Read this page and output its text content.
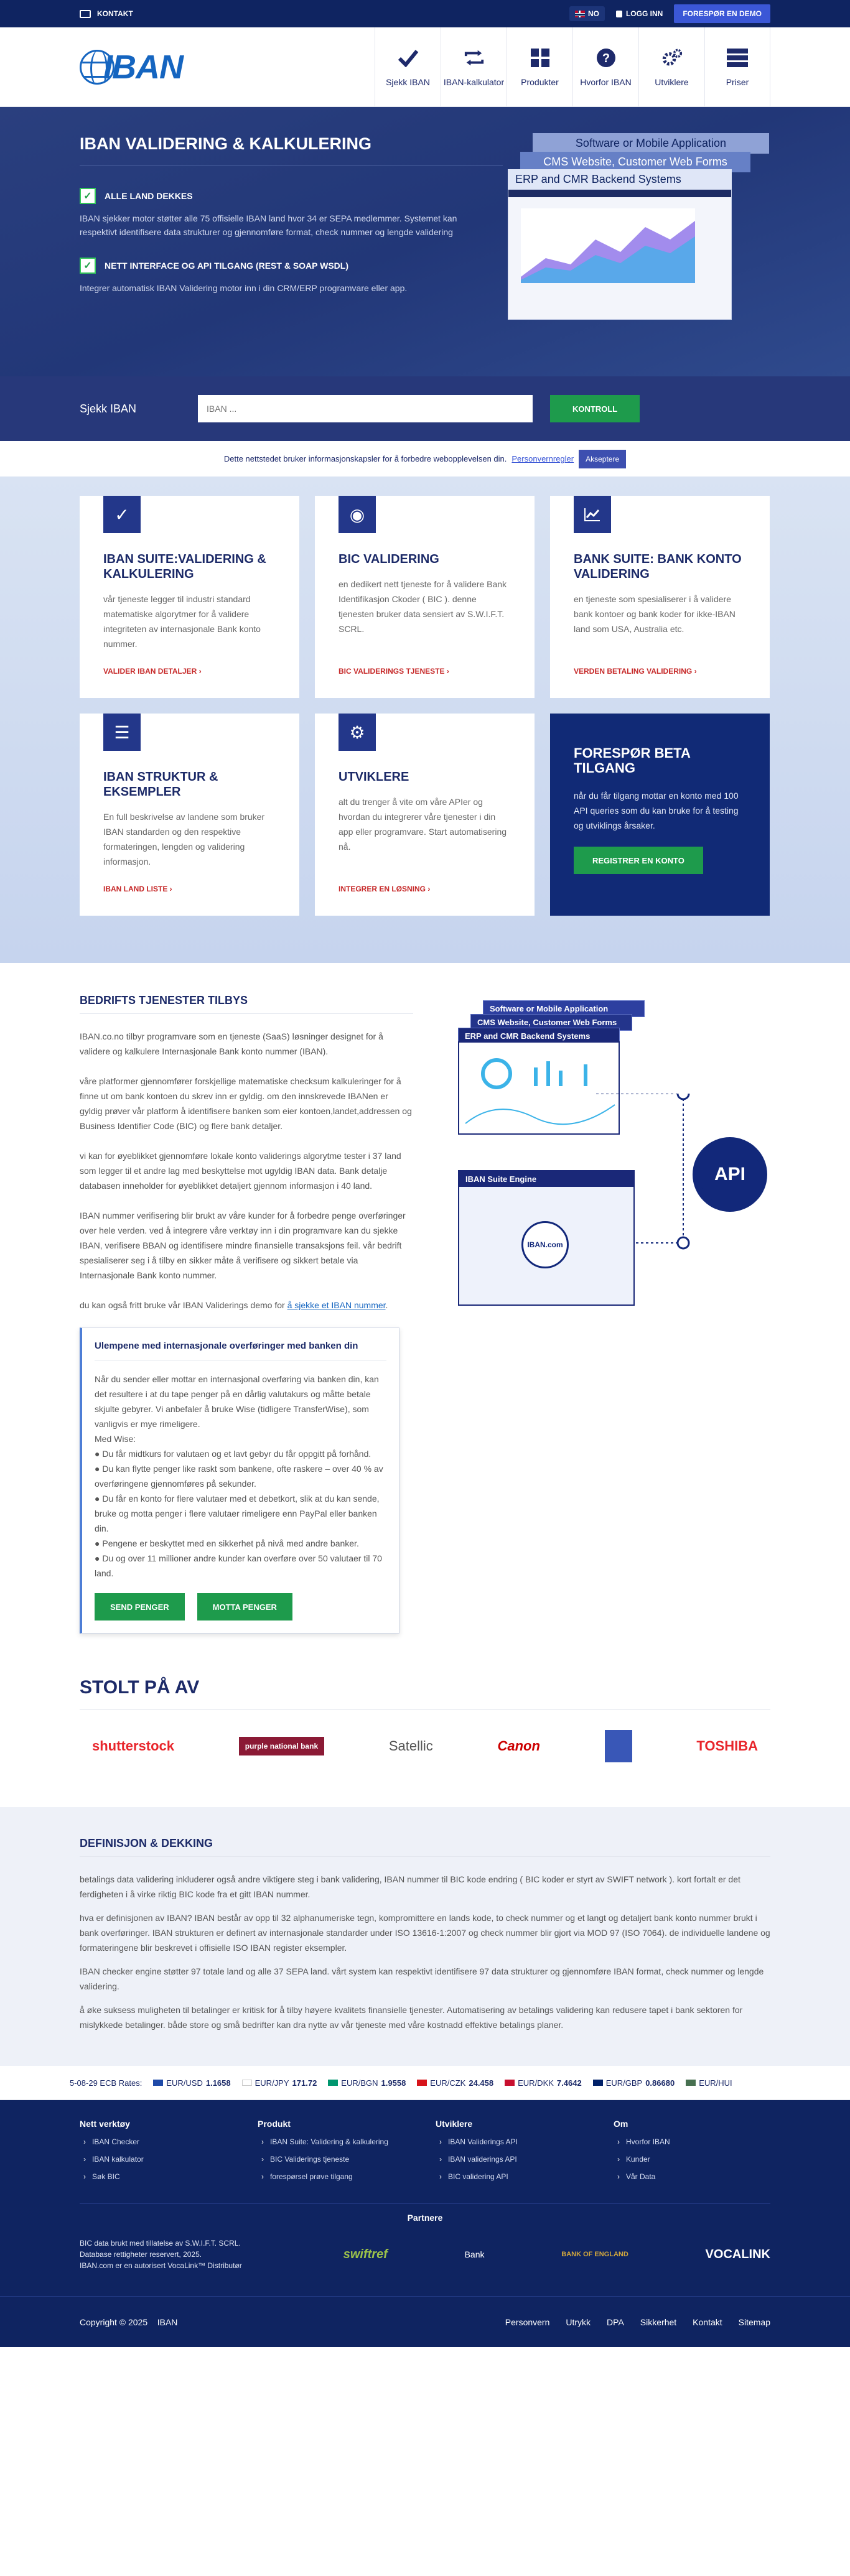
KONTAKT	NO	LOGG INN	FORESPØR EN DEMO
IBAN	Sjekk IBAN IBAN-kalkulator Produkter
?
Hvorfor IBAN	Utviklere	Priser
IBAN VALIDERING & KALKULERING
✓	ALLE LAND DEKKES

IBAN sjekker motor støtter alle 75 offisielle IBAN land hvor 34 er SEPA medlemmer. Systemet kan respektivt identifisere data strukturer og gjennomføre format, check nummer og lengde validering

✓	NETT INTERFACE OG API TILGANG (REST & SOAP WSDL)

Integrer automatisk IBAN Validering motor inn i din CRM/ERP programvare eller app.

Software or Mobile Application
CMS Website, Customer Web Forms
ERP and CMR Backend Systems
Sjekk IBAN
IBAN ...	KONTROLL
Dette nettstedet bruker informasjonskapsler for å forbedre webopplevelsen din. Personvernregler	Akseptere
✓
IBAN SUITE:VALIDERING & KALKULERING

vår tjeneste legger til industri standard matematiske algorytmer for å validere integriteten av internasjonale Bank konto nummer.

VALIDER IBAN DETALJER ›
◉
BIC VALIDERING

en dedikert nett tjeneste for å validere Bank Identifikasjon Ckoder ( BIC ). denne tjenesten bruker data sensiert av S.W.I.F.T. SCRL.

BIC VALIDERINGS TJENESTE ›
BANK SUITE: BANK KONTO VALIDERING

en tjeneste som spesialiserer i å validere bank kontoer og bank koder for ikke-IBAN land som USA, Australia etc.

VERDEN BETALING VALIDERING ›
☰
IBAN STRUKTUR & EKSEMPLER

En full beskrivelse av landene som bruker IBAN standarden og den respektive formateringen, lengden og validering informasjon.

IBAN LAND LISTE ›
⚙
UTVIKLERE

alt du trenger å vite om våre APIer og hvordan du integrerer våre tjenester i din app eller programvare. Start automatisering nå.

INTEGRER EN LØSNING ›
FORESPØR BETA TILGANG

når du får tilgang mottar en konto med 100 API queries som du kan bruke for å testing og utviklings årsaker.

REGISTRER EN KONTO
BEDRIFTS TJENESTER TILBYS

IBAN.co.no tilbyr programvare som en tjeneste (SaaS) løsninger designet for å validere og kalkulere Internasjonale Bank konto nummer (IBAN).

våre platformer gjennomfører forskjellige matematiske checksum kalkuleringer for å finne ut om bank kontoen du skrev inn er gyldig. om den innskrevede IBANen er gyldig prøver vår platform å identifisere banken som eier kontoen,landet,addressen og Business Identifier Code (BIC) og flere bank detaljer.

vi kan for øyeblikket gjennomføre lokale konto validerings algorytme tester i 37 land som legger til et andre lag med beskyttelse mot ugyldig IBAN data. Bank detalje databasen inneholder for øyeblikket detaljert gjennom informasjon i 40 land.

IBAN nummer verifisering blir brukt av våre kunder for å forbedre penge overføringer over hele verden. ved å integrere våre verktøy inn i din programvare kan du sjekke IBAN, verifisere BBAN og identifisere mindre finansielle transaksjons feil. vår bedrift spesialiserer seg i å tilby en sikker måte å verifisere og sikkert betale via Internasjonale Bank konto nummer.

du kan også fritt bruke vår IBAN Validerings demo for å sjekke et IBAN nummer.

Ulempene med internasjonale overføringer med banken din

Når du sender eller mottar en internasjonal overføring via banken din, kan det resultere i at du tape penger på en dårlig valutakurs og måtte betale skjulte gebyrer. Vi anbefaler å bruke Wise (tidligere TransferWise), som vanligvis er mye rimeligere.

Med Wise:

● Du får midtkurs for valutaen og et lavt gebyr du får oppgitt på forhånd.

● Du kan flytte penger like raskt som bankene, ofte raskere – over 40 % av overføringene gjennomføres på sekunder.

● Du får en konto for flere valutaer med et debetkort, slik at du kan sende, bruke og motta penger i flere valutaer rimeligere enn PayPal eller banken din.

● Pengene er beskyttet med en sikkerhet på nivå med andre banker.

● Du og over 11 millioner andre kunder kan overføre over 50 valutaer til 70 land.

SEND PENGER	MOTTA PENGER
Software or Mobile Application
CMS Website, Customer Web Forms
ERP and CMR Backend Systems
IBAN Suite Engine
IBAN.com
API
STOLT PÅ AV
shutterstock	purple national bank	Satellic	Canon	TOSHIBA
DEFINISJON & DEKKING

betalings data validering inkluderer også andre viktigere steg i bank validering, IBAN nummer til BIC kode endring ( BIC koder er styrt av SWIFT network ). kort fortalt er det ferdigheten i å virke riktig BIC kode fra et gitt IBAN nummer.

hva er definisjonen av IBAN? IBAN består av opp til 32 alphanumeriske tegn, kompromittere en lands kode, to check nummer og et langt og detaljert bank konto nummer brukt i bank overføringer. IBAN strukturen er definert av internasjonale standarder under ISO 13616-1:2007 og check nummer blir gjort via MOD 97 (ISO 7064). de individuelle landene og formateringene blir beskrevet i offisielle ISO IBAN register eksempler.

IBAN checker engine støtter 97 totale land og alle 37 SEPA land. vårt system kan respektivt identifisere 97 data strukturer og gjennomføre IBAN format, check nummer og lengde validering.

å øke suksess muligheten til betalinger er kritisk for å tilby høyere kvalitets finansielle tjenester. Automatisering av betalings validering kan redusere tapet i bank sektoren for mislykkede betalinger. både store og små bedrifter kan dra nytte av vår tjeneste med våre kostnadd effektive betalings planer.

5-08-29 ECB Rates:	EUR/USD 1.1658	EUR/JPY 171.72	EUR/BGN 1.9558	EUR/CZK 24.458	EUR/DKK 7.4642	EUR/GBP 0.86680	EUR/HUI
Nett verktøy
› IBAN Checker
› IBAN kalkulator
› Søk BIC
Produkt
› IBAN Suite: Validering & kalkulering
› BIC Validerings tjeneste
› forespørsel prøve tilgang
Utviklere
› IBAN Validerings API
› IBAN validerings API
› BIC validering API
Om
› Hvorfor IBAN
› Kunder
› Vår Data
Partnere
BIC data brukt med tillatelse av S.W.I.F.T. SCRL.
Database rettigheter reservert, 2025.
IBAN.com er en autorisert VocaLink™ Distributør
swiftref	Bank	BANK OF ENGLAND	VOCALINK
Copyright © 2025 IBAN	Personvern Utrykk DPA Sikkerhet Kontakt Sitemap
